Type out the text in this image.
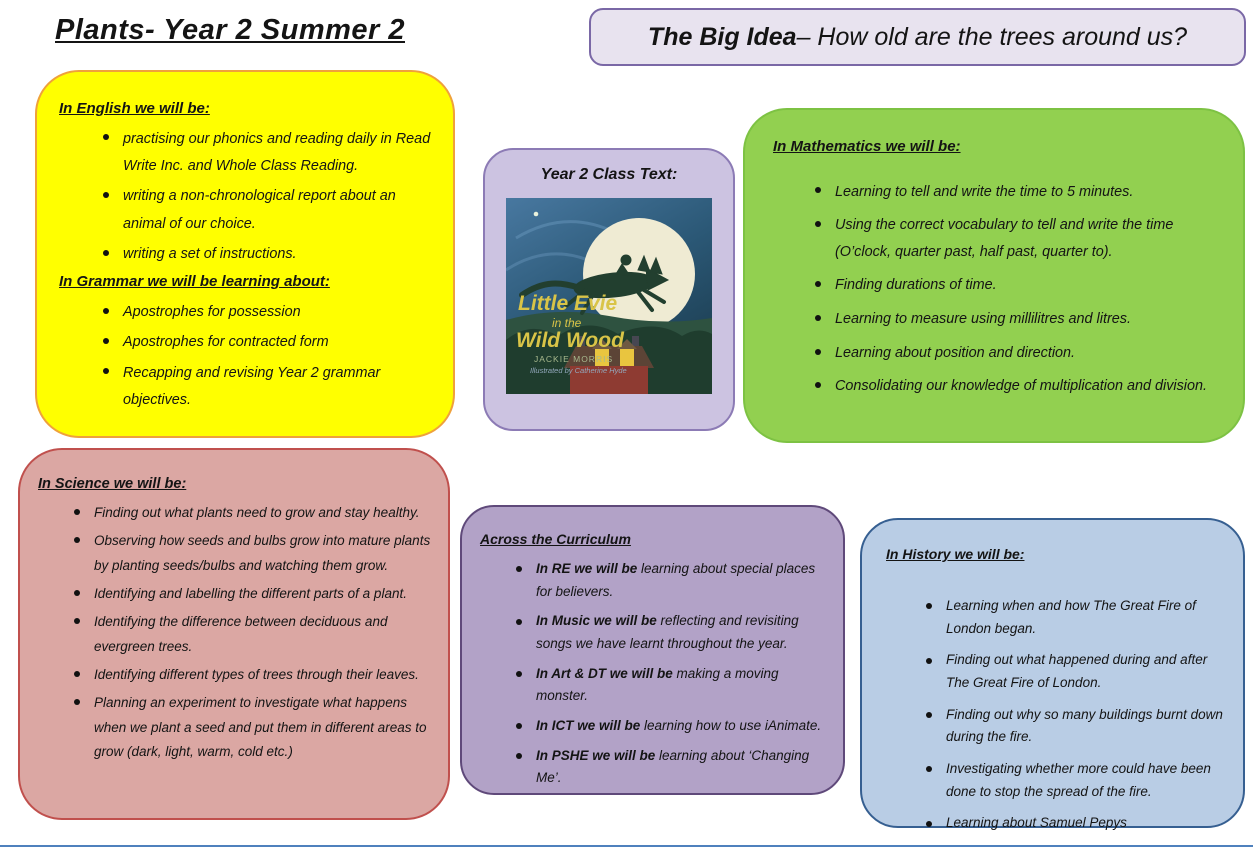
Plants- Year 2 Summer 2	The Big Idea – How old are the trees around us?
In English we will be:
practising our phonics and reading daily in Read Write Inc. and Whole Class Reading.
writing a non-chronological report about an animal of our choice.
writing a set of instructions.
In Grammar we will be learning about:
Apostrophes for possession
Apostrophes for contracted form
Recapping and revising Year 2 grammar objectives.
Year 2 Class Text:
Little Evie
in the
Wild Wood
JACKIE MORRIS
Illustrated by Catherine Hyde
In Mathematics we will be:
Learning to tell and write the time to 5 minutes.
Using the correct vocabulary to tell and write the time (O’clock, quarter past, half past, quarter to).
Finding durations of time.
Learning to measure using millilitres and litres.
Learning about position and direction.
Consolidating our knowledge of multiplication and division.
In Science we will be:
Finding out what plants need to grow and stay healthy.
Observing how seeds and bulbs grow into mature plants by planting seeds/bulbs and watching them grow.
Identifying and labelling the different parts of a plant.
Identifying the difference between deciduous and evergreen trees.
Identifying different types of trees through their leaves.
Planning an experiment to investigate what happens when we plant a seed and put them in different areas to grow (dark, light, warm, cold etc.)
Across the Curriculum
In RE we will be learning about special places for believers.
In Music we will be reflecting and revisiting songs we have learnt throughout the year.
In Art & DT we will be making a moving monster.
In ICT we will be learning how to use iAnimate.
In PSHE we will be learning about ‘Changing Me’.
In History we will be:
Learning when and how The Great Fire of London began.
Finding out what happened during and after The Great Fire of London.
Finding out why so many buildings burnt down during the fire.
Investigating whether more could have been done to stop the spread of the fire.
Learning about Samuel Pepys
